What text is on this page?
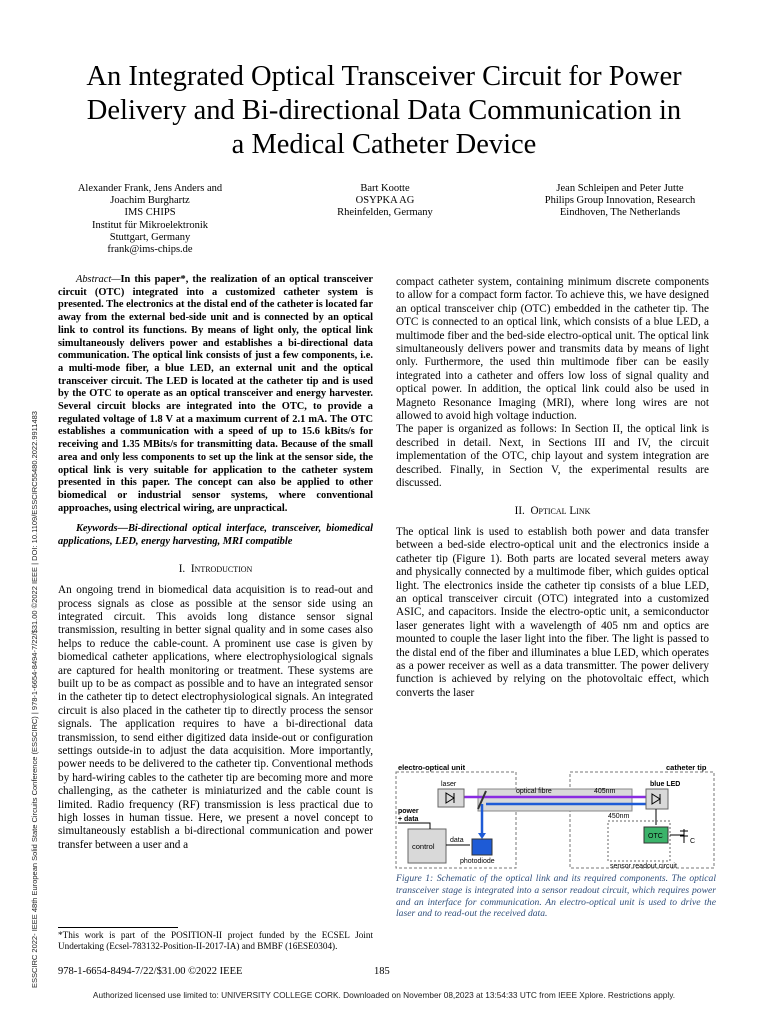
ESSCIRC 2022- IEEE 48th European Solid State Circuits Conference (ESSCIRC) | 978-1-6654-8494-7/22/$31.00 ©2022 IEEE | DOI: 10.1109/ESSCIRC55480.2022.9911483
An Integrated Optical Transceiver Circuit for Power
Delivery and Bi-directional Data Communication in
a Medical Catheter Device
Alexander Frank, Jens Anders and
Joachim Burghartz
IMS CHIPS
Institut für Mikroelektronik
Stuttgart, Germany
frank@ims-chips.de
Bart Kootte
OSYPKA AG
Rheinfelden, Germany
Jean Schleipen and Peter Jutte
Philips Group Innovation, Research
Eindhoven, The Netherlands

Abstract—In this paper*, the realization of an optical transceiver circuit (OTC) integrated into a customized catheter system is presented. The electronics at the distal end of the catheter is located far away from the external bed-side unit and is connected by an optical link to control its functions. By means of light only, the optical link simultaneously delivers power and establishes a bi-directional data communication. The optical link consists of just a few components, i.e. a multi-mode fiber, a blue LED, an external unit and the optical transceiver circuit. The LED is located at the catheter tip and is used by the OTC to operate as an optical transceiver and energy harvester. Several circuit blocks are integrated into the OTC, to provide a regulated voltage of 1.8 V at a maximum current of 2.1 mA. The OTC establishes a communication with a speed of up to 15.6 kBits/s for receiving and 1.35 MBits/s for transmitting data. Because of the small area and only less components to set up the link at the sensor side, the optical link is very suitable for application to the catheter system presented in this paper. The concept can also be applied to other biomedical or industrial sensor systems, where conventional approaches, using electrical wiring, are unpractical.

Keywords—Bi-directional optical interface, transceiver, biomedical applications, LED, energy harvesting, MRI compatible

I. Introduction

An ongoing trend in biomedical data acquisition is to read-out and process signals as close as possible at the sensor side using an integrated circuit. This avoids long distance sensor signal transmission, resulting in better signal quality and in some cases also helps to reduce the cable-count. A prominent use case is given by biomedical catheter applications, where electrophysiological signals are captured for health monitoring or treatment. These systems are built up to be as compact as possible and to have an integrated sensor in the catheter tip to detect electrophysiological signals. An integrated circuit is also placed in the catheter tip to directly process the sensor signals. The application requires to have a bi-directional data transmission, to send either digitized data inside-out or configuration settings outside-in to adjust the data acquisition. More importantly, power needs to be delivered to the catheter tip. Conventional methods by hard-wiring cables to the catheter tip are becoming more and more challenging, as the catheter is miniaturized and the cable count is limited. Radio frequency (RF) transmission is less practical due to high losses in human tissue. Here, we present a novel concept to simultaneously establish a bi-directional communication and power transfer between a user and a

compact catheter system, containing minimum discrete components to allow for a compact form factor. To achieve this, we have designed an optical transceiver chip (OTC) embedded in the catheter tip. The OTC is connected to an optical link, which consists of a blue LED, a multimode fiber and the bed-side electro-optical unit. The optical link simultaneously delivers power and transmits data by means of light only. Furthermore, the used thin multimode fiber can be easily integrated into a catheter and offers low loss of signal quality and optical power. In addition, the optical link could also be used in Magneto Resonance Imaging (MRI), where long wires are not allowed to avoid high voltage induction.

The paper is organized as follows: In Section II, the optical link is described in detail. Next, in Sections III and IV, the circuit implementation of the OTC, chip layout and system integration are described. Finally, in Section V, the experimental results are discussed.

II. Optical Link

The optical link is used to establish both power and data transfer between a bed-side electro-optical unit and the electronics inside a catheter tip (Figure 1). Both parts are located several meters away and physically connected by a multimode fiber, which guides optical light. The electronics inside the catheter tip consists of a blue LED, an optical transceiver circuit (OTC) integrated into a customized ASIC, and capacitors. Inside the electro-optic unit, a semiconductor laser generates light with a wavelength of 405 nm and optics are mounted to couple the laser light into the fiber. The light is passed to the distal end of the fiber and illuminates a blue LED, which operates as a power receiver as well as a data transmitter. The power delivery function is achieved by relying on the photovoltaic effect, which converts the laser

electro-optical unit	catheter tip
optical fibre	405nm
450nm
laser
control
power
+ data
data
photodiode
blue LED
OTC
sensor readout circuit
C
Figure 1: Schematic of the optical link and its required components. The optical transceiver stage is integrated into a sensor readout circuit, which requires power and an interface for communication. An electro-optical unit is used to drive the laser and to read-out the received data.
*This work is part of the POSITION-II project funded by the ECSEL Joint Undertaking (Ecsel-783132-Position-II-2017-IA) and BMBF (16ESE0304).
978-1-6654-8494-7/22/$31.00 ©2022 IEEE	185
Authorized licensed use limited to: UNIVERSITY COLLEGE CORK. Downloaded on November 08,2023 at 13:54:33 UTC from IEEE Xplore. Restrictions apply.
